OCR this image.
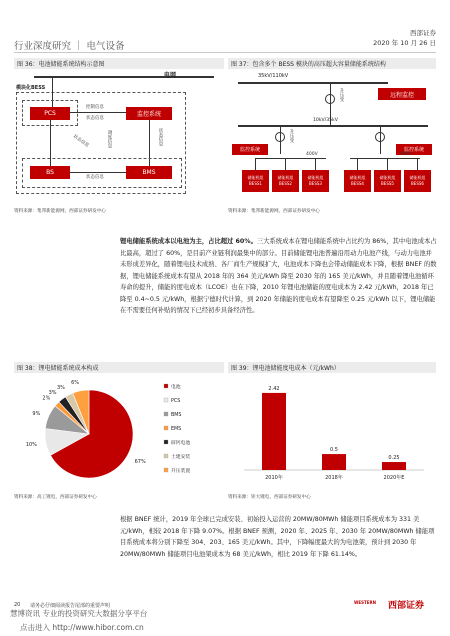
西部证券
行业深度研究 ｜ 电气设备	2020 年 10 月 26 日
图 36：电池储能系统结构示意图
电网
模块化BESS
PCS	监控系统
控制信息
状态信息
调度信息	状态信息
状态信息
BS	BMS
状态信息
资料来源：集邦新能源网，西部证券研发中心
图 37：包含多个 BESS 模块的高压超大容量储能系统结构
35kV/110kV
升压变	远程监控
10kV/35kV
升压变
监控系统	监控系统
400V	400V
储能机组 BESS1
储能机组 BESS2
储能机组 BESS3
储能机组 BESS4
储能机组 BESS5
储能机组 BESS6
资料来源：集邦新能源网，西部证券研发中心
锂电储能系统成本以电池为主，占比超过 60%。三大系统成本在锂电储能系统中占比约为 86%，其中电池成本占比最高，超过了 60%，是目前产业链利润最集中的部分。目前储能锂电池普遍沿用动力电池产线，与动力电池并未形成差异化，随着锂电技术成熟、各厂商生产规模扩大，电池成本下降也会带动储能成本下降，根据 BNEF 的数据，锂电储能系统成本有望从 2018 年的 364 美元/kWh 降至 2030 年的 165 美元/kWh，并且随着锂电池循环寿命的提升，储能的度电成本（LCOE）也在下降，2010 年锂电池储能的度电成本为 2.42 元/kWh，2018 年已降至 0.4~0.5 元/kWh，根据宁德时代计算，到 2020 年储能的度电成本有望降至 0.25 元/kWh 以下，锂电储能在不需要任何补贴的情况下已经初步具备经济性。
图 38：锂电储能系统成本构成
67%
10%
9%
2%
3%
3%
6%
电池
PCS
BMS
EMS
辟钙电池
土建安装
升压装置
资料来源：高工锂电，西部证券研发中心
图 39：锂电池储能度电成本（元/kWh）
2.42
2010年
0.5
2018年
0.25
2020年E
资料来源：钜大锂电，西部证券研发中心
根据 BNEF 统计，2019 年全球已完成安装、初始投入运营的 20MW/80MWh 储能项目系统成本为 331 美元/kWh，相较 2018 年下降 9.07%。根据 BNEF 预测，2020 年、2025 年、2030 年 20MW/80MWh 储能项目系统成本将分别下降至 304、203、165 美元/kWh。其中，下降幅度最大的为电池架，预计到 2030 年 20MW/80MWh 储能项目电池架成本为 68 美元/kWh，相比 2019 年下降 61.14%。
20 请务必仔细阅读报告尾部的重要声明
慧博资讯 专业的投资研究大数据分享平台
点击进入 http://www.hibor.com.cn
WESTERN 西部证券
